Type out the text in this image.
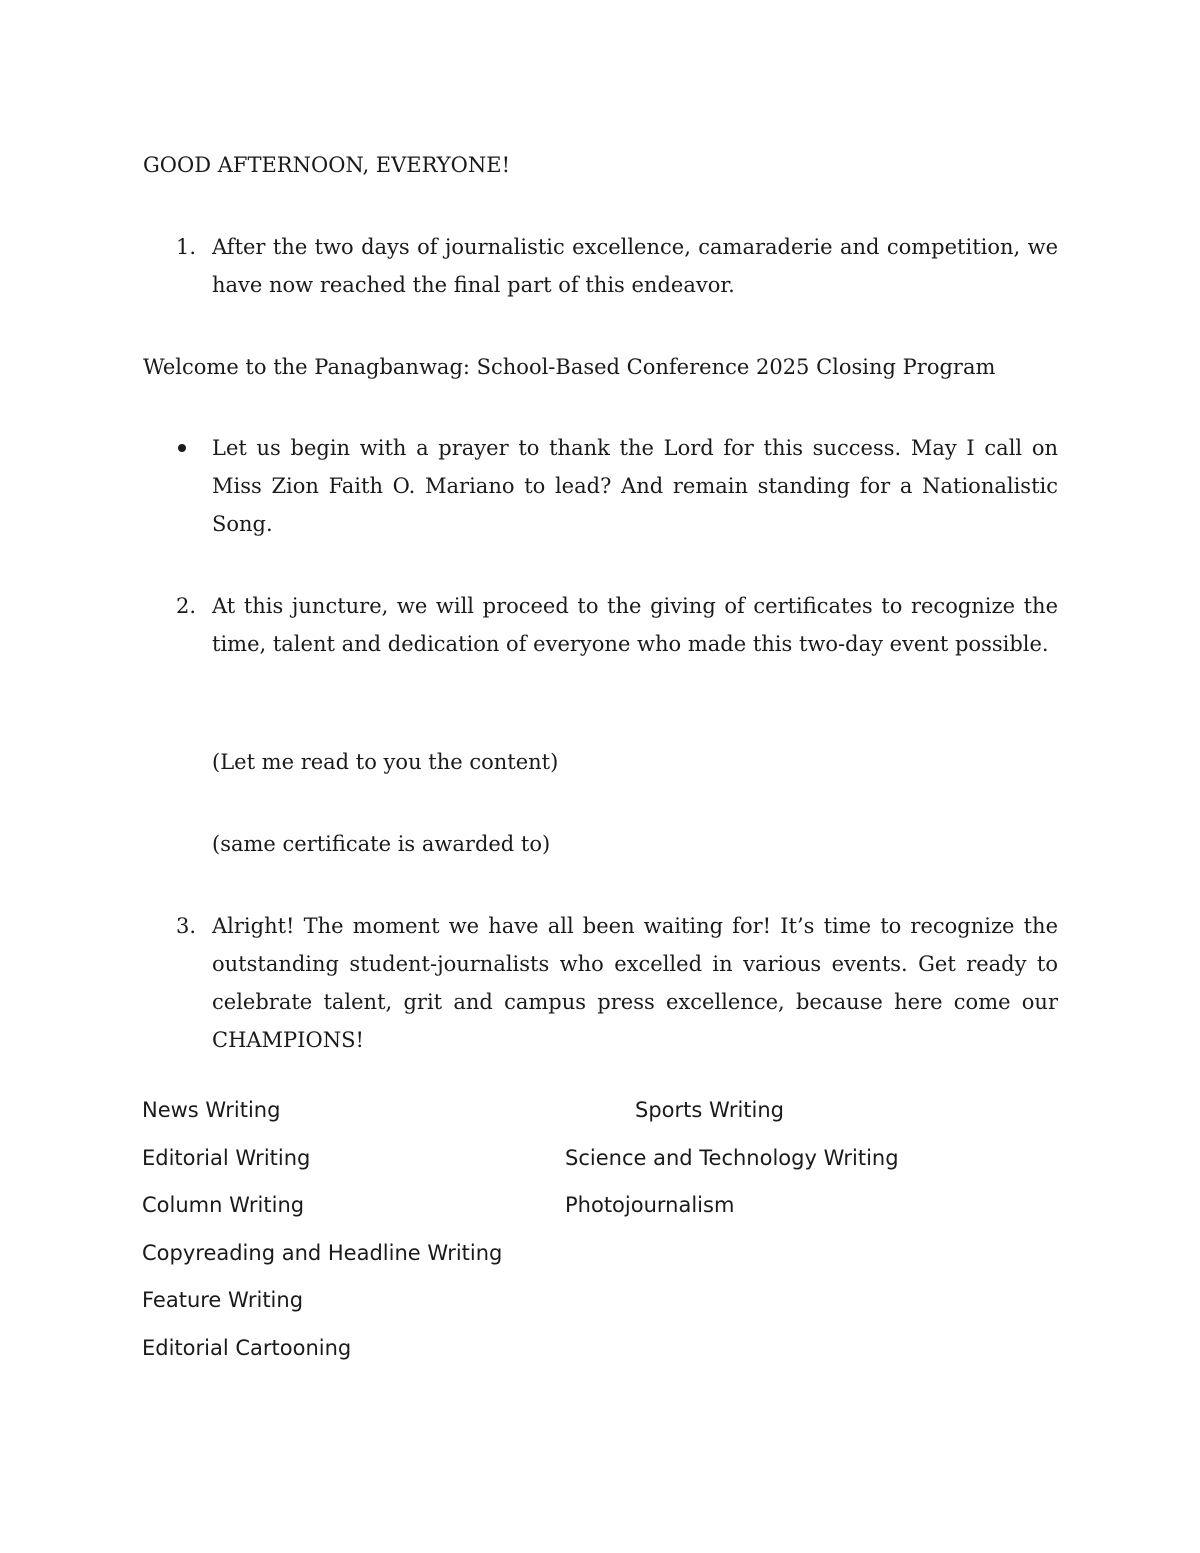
GOOD AFTERNOON, EVERYONE!
1. After the two days of journalistic excellence, camaraderie and competition, we have now reached the final part of this endeavor.
Welcome to the Panagbanwag: School-Based Conference 2025 Closing Program
Let us begin with a prayer to thank the Lord for this success. May I call on Miss Zion Faith O. Mariano to lead? And remain standing for a Nationalistic Song.
2. At this juncture, we will proceed to the giving of certificates to recognize the time, talent and dedication of everyone who made this two-day event possible.
(Let me read to you the content)
(same certificate is awarded to)
3. Alright! The moment we have all been waiting for! It’s time to recognize the outstanding student-journalists who excelled in various events. Get ready to celebrate talent, grit and campus press excellence, because here come our CHAMPIONS!
News Writing
Editorial Writing
Column Writing
Copyreading and Headline Writing
Feature Writing
Editorial Cartooning
Sports Writing
Science and Technology Writing
Photojournalism
